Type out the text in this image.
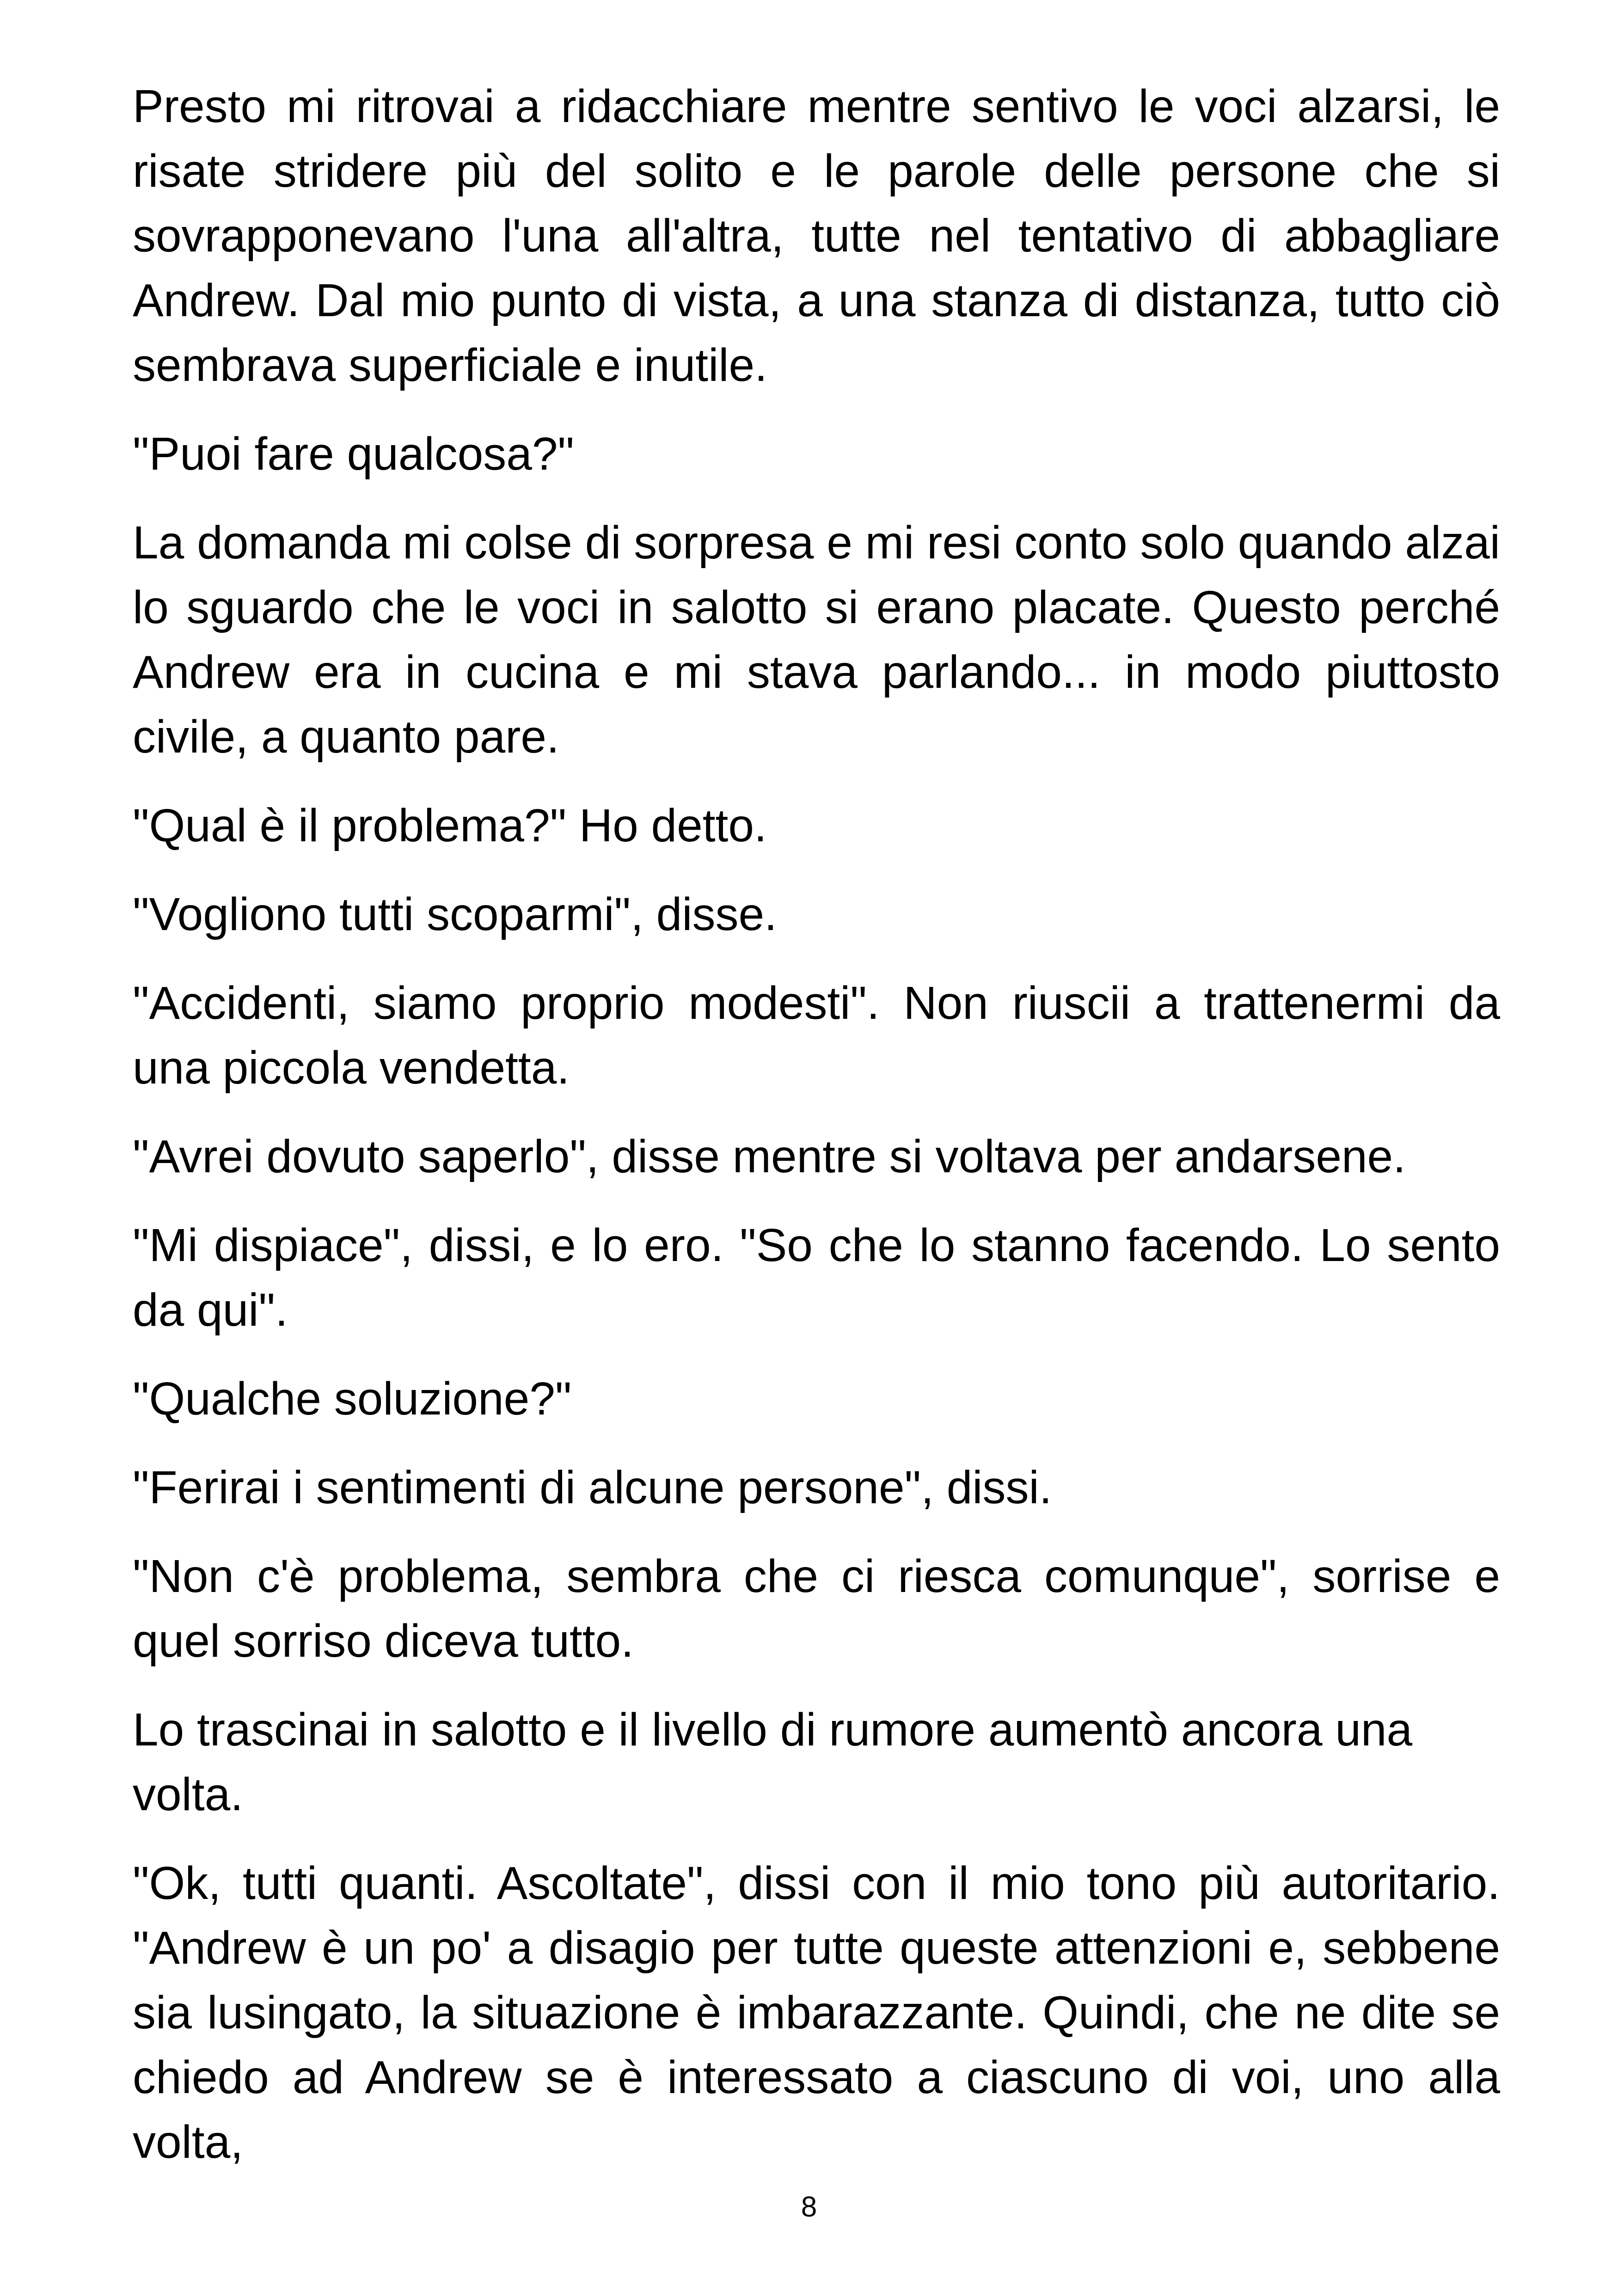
Presto mi ritrovai a ridacchiare mentre sentivo le voci alzarsi, le risate stridere più del solito e le parole delle persone che si sovrapponevano l'una all'altra, tutte nel tentativo di abbagliare Andrew. Dal mio punto di vista, a una stanza di distanza, tutto ciò sembrava superficiale e inutile.

"Puoi fare qualcosa?"

La domanda mi colse di sorpresa e mi resi conto solo quando alzai lo sguardo che le voci in salotto si erano placate. Questo perché Andrew era in cucina e mi stava parlando... in modo piuttosto civile, a quanto pare.

"Qual è il problema?" Ho detto.

"Vogliono tutti scoparmi", disse.

"Accidenti, siamo proprio modesti". Non riuscii a trattenermi da una piccola vendetta.

"Avrei dovuto saperlo", disse mentre si voltava per andarsene.

"Mi dispiace", dissi, e lo ero. "So che lo stanno facendo. Lo sento da qui".

"Qualche soluzione?"

"Ferirai i sentimenti di alcune persone", dissi.

"Non c'è problema, sembra che ci riesca comunque", sorrise e quel sorriso diceva tutto.

Lo trascinai in salotto e il livello di rumore aumentò ancora una volta.

"Ok, tutti quanti. Ascoltate", dissi con il mio tono più autoritario. "Andrew è un po' a disagio per tutte queste attenzioni e, sebbene sia lusingato, la situazione è imbarazzante. Quindi, che ne dite se chiedo ad Andrew se è interessato a ciascuno di voi, uno alla volta,

8
